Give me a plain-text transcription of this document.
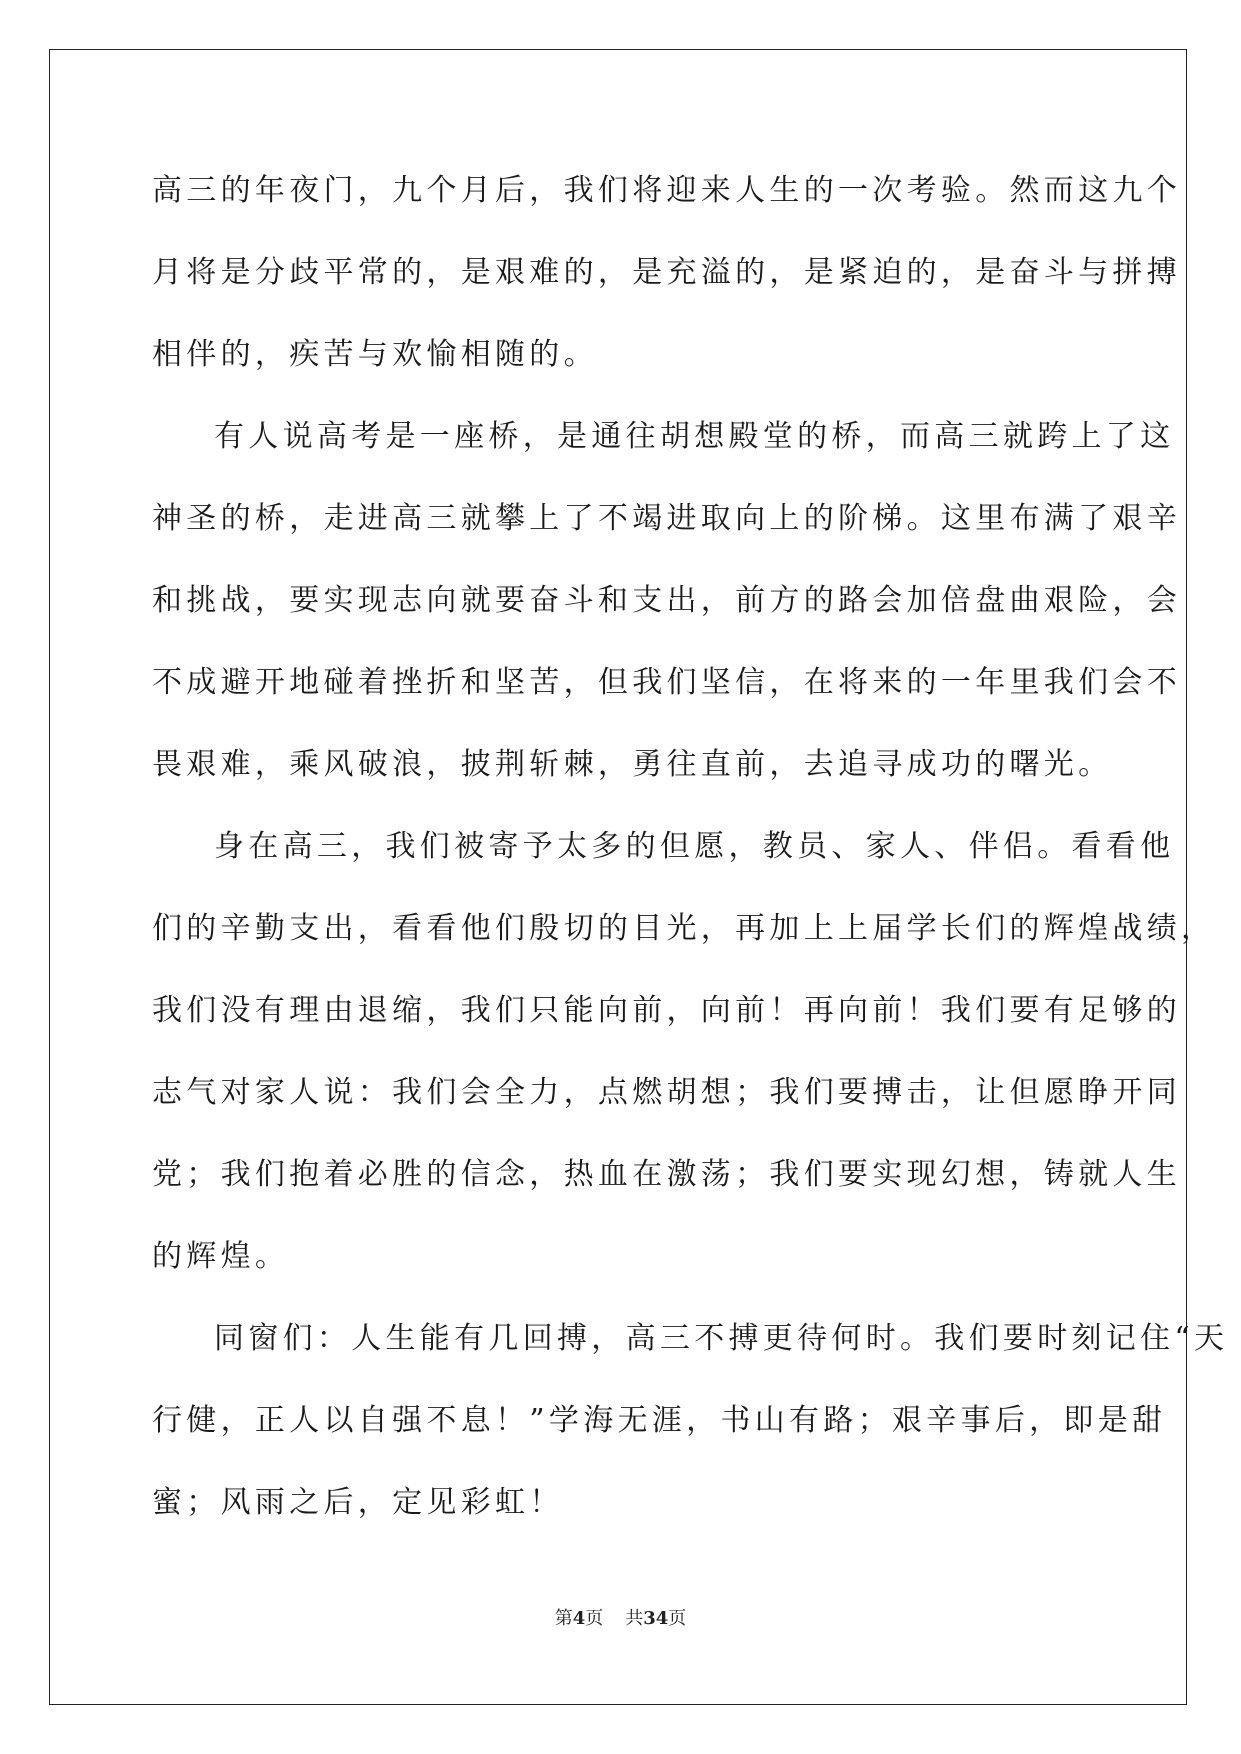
高三的年夜门，九个月后，我们将迎来人生的一次考验。然而这九个
月将是分歧平常的，是艰难的，是充溢的，是紧迫的，是奋斗与拼搏
相伴的，疾苦与欢愉相随的。
有人说高考是一座桥，是通往胡想殿堂的桥，而高三就跨上了这
神圣的桥，走进高三就攀上了不竭进取向上的阶梯。这里布满了艰辛
和挑战，要实现志向就要奋斗和支出，前方的路会加倍盘曲艰险，会
不成避开地碰着挫折和坚苦，但我们坚信，在将来的一年里我们会不
畏艰难，乘风破浪，披荆斩棘，勇往直前，去追寻成功的曙光。
身在高三，我们被寄予太多的但愿，教员、家人、伴侣。看看他
们的辛勤支出，看看他们殷切的目光，再加上上届学长们的辉煌战绩，
我们没有理由退缩，我们只能向前，向前！再向前！我们要有足够的
志气对家人说：我们会全力，点燃胡想；我们要搏击，让但愿睁开同
党；我们抱着必胜的信念，热血在激荡；我们要实现幻想，铸就人生
的辉煌。
同窗们：人生能有几回搏，高三不搏更待何时。我们要时刻记住“天
行健，正人以自强不息！”学海无涯，书山有路；艰辛事后，即是甜
蜜；风雨之后，定见彩虹！
第4页 共34页
